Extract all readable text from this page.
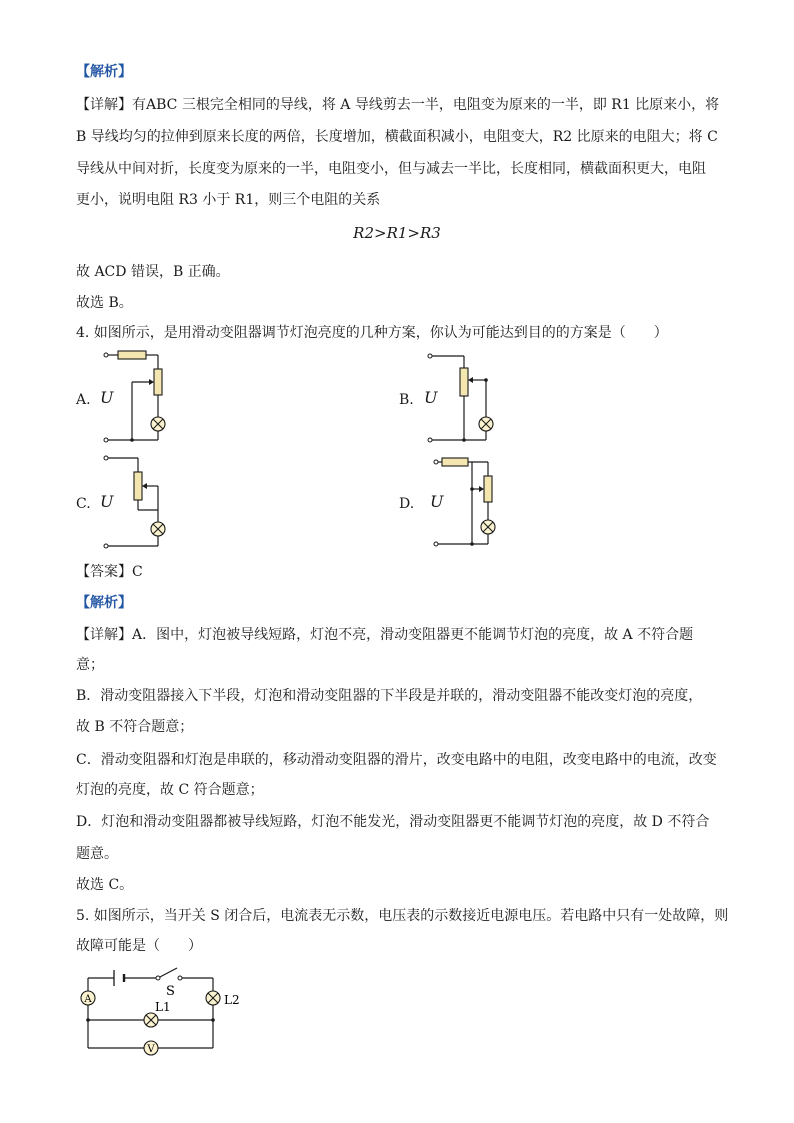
【解析】
【详解】有ABC 三根完全相同的导线，将 A 导线剪去一半，电阻变为原来的一半，即 R1 比原来小，将
B 导线均匀的拉伸到原来长度的两倍，长度增加，横截面积减小，电阻变大，R2 比原来的电阻大；将 C
导线从中间对折，长度变为原来的一半，电阻变小，但与减去一半比，长度相同，横截面积更大，电阻
更小，说明电阻 R3 小于 R1，则三个电阻的关系
R2>R1>R3
故 ACD 错误，B 正确。
故选 B。
4. 如图所示，是用滑动变阻器调节灯泡亮度的几种方案，你认为可能达到目的的方案是（　　）
A. U	B. U
C. U	D. U
【答案】C
【解析】
【详解】A．图中，灯泡被导线短路，灯泡不亮，滑动变阻器更不能调节灯泡的亮度，故 A 不符合题
意；
B．滑动变阻器接入下半段，灯泡和滑动变阻器的下半段是并联的，滑动变阻器不能改变灯泡的亮度，
故 B 不符合题意；
C．滑动变阻器和灯泡是串联的，移动滑动变阻器的滑片，改变电路中的电阻，改变电路中的电流，改变
灯泡的亮度，故 C 符合题意；
D．灯泡和滑动变阻器都被导线短路，灯泡不能发光，滑动变阻器更不能调节灯泡的亮度，故 D 不符合
题意。
故选 C。
5. 如图所示，当开关 S 闭合后，电流表无示数，电压表的示数接近电源电压。若电路中只有一处故障，则
故障可能是（　　）
S
A	L2
L1
V
